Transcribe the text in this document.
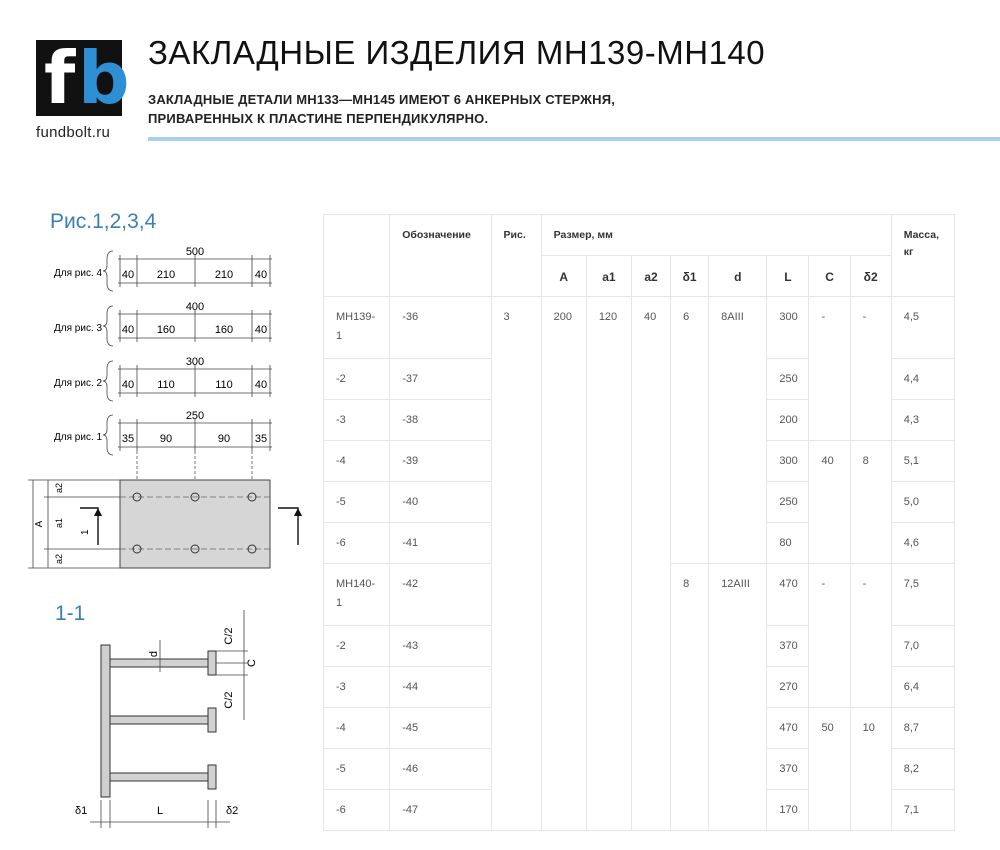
f b
fundbolt.ru
ЗАКЛАДНЫЕ ИЗДЕЛИЯ МН139-МН140
ЗАКЛАДНЫЕ ДЕТАЛИ МН133—МН145 ИМЕЮТ 6 АНКЕРНЫХ СТЕРЖНЯ,
ПРИВАРЕННЫХ К ПЛАСТИНЕ ПЕРПЕНДИКУЛЯРНО.
Рис.1,2,3,4
1-1
500
Для рис. 4 40 210	210 40
400
Для рис. 3 40 160	160 40
300
Для рис. 2 40 110	110 40
250
Для рис. 1 35 90	90 35
a2
a1
a2
A
1
C/2
C
C/2
d
δ1	L	δ2
	Обозначение	Рис.	Размер, мм								Масса,
кг

			A	a1	a2	δ1	d	L	C	δ2	

МН139-
1	-36	3	200	120	40	6	8АIII	300	-	-	4,5
-2	-37							250			4,4
-3	-38							200			4,3
-4	-39							300	40	8	5,1
-5	-40							250			5,0
-6	-41							80			4,6

МН140-
1	-42					8	12АIII	470	-	-	7,5
-2	-43							370			7,0
-3	-44							270			6,4
-4	-45							470	50	10	8,7
-5	-46							370			8,2
-6	-47							170			7,1
